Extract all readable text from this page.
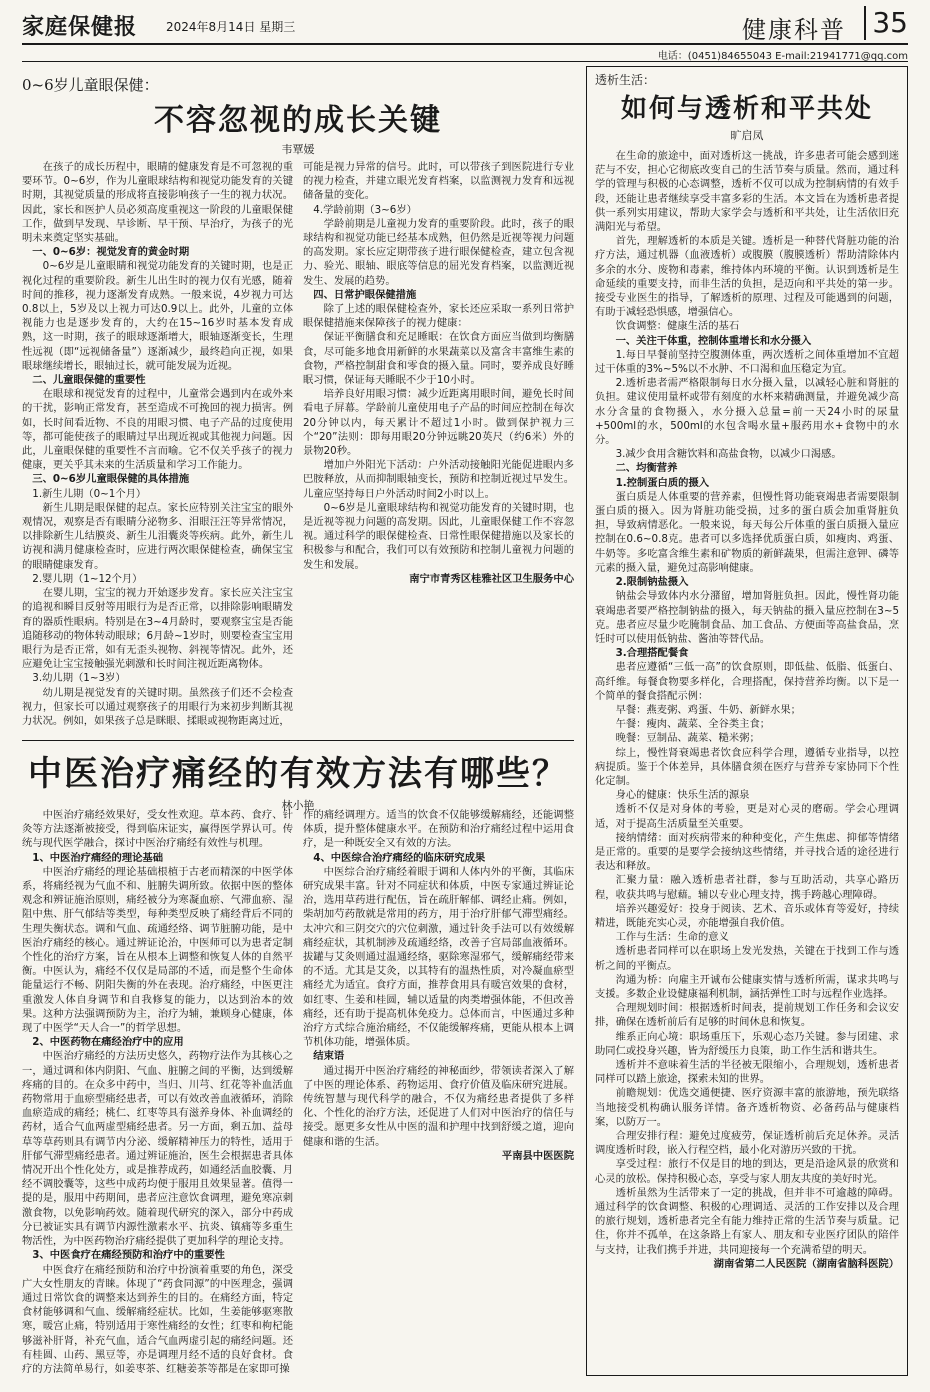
家庭保健报 2024年8月14日 星期三	健康科普 35
电话：(0451)84655043 E-mail:21941771@qq.com

0~6岁儿童眼保健：

不容忽视的成长关键

韦覃媛

在孩子的成长历程中，眼睛的健康发育是不可忽视的重要环节。0~6岁，作为儿童眼球结构和视觉功能发育的关键时期，其视觉质量的形成将直接影响孩子一生的视力状况。因此，家长和医护人员必须高度重视这一阶段的儿童眼保健工作，做到早发现、早诊断、早干预、早治疗，为孩子的光明未来奠定坚实基础。

一、0~6岁：视觉发育的黄金时期

0~6岁是儿童眼睛和视觉功能发育的关键时期，也是正视化过程的重要阶段。新生儿出生时的视力仅有光感，随着时间的推移，视力逐渐发育成熟。一般来说，4岁视力可达0.8以上，5岁及以上视力可达0.9以上。此外，儿童的立体视能力也是逐步发育的，大约在15~16岁时基本发育成熟，这一时期，孩子的眼球逐渐增大，眼轴逐渐变长，生理性远视（即“远视储备量”）逐渐减少，最终趋向正视，如果眼球继续增长，眼轴过长，就可能发展为近视。

二、儿童眼保健的重要性

在眼球和视觉发育的过程中，儿童常会遇到内在或外来的干扰，影响正常发育，甚至造成不可挽回的视力损害。例如，长时间看近物、不良的用眼习惯、电子产品的过度使用等，都可能使孩子的眼睛过早出现近视或其他视力问题。因此，儿童眼保健的重要性不言而喻。它不仅关乎孩子的视力健康，更关乎其未来的生活质量和学习工作能力。

三、0~6岁儿童眼保健的具体措施

1.新生儿期（0~1个月）

新生儿期是眼保健的起点。家长应特别关注宝宝的眼外观情况，观察是否有眼睛分泌物多、泪眼汪汪等异常情况，以排除新生儿结膜炎、新生儿泪囊炎等疾病。此外，新生儿访视和满月健康检查时，应进行两次眼保健检查，确保宝宝的眼睛健康发育。

2.婴儿期（1~12个月）

在婴儿期，宝宝的视力开始逐步发育。家长应关注宝宝的追视和瞬目反射等用眼行为是否正常，以排除影响眼睛发育的器质性眼病。特别是在3~4月龄时，要观察宝宝是否能追随移动的物体转动眼球；6月龄~1岁时，则要检查宝宝用眼行为是否正常，如有无歪头视物、斜视等情况。此外，还应避免让宝宝接触强光刺激和长时间注视近距离物体。

3.幼儿期（1~3岁）

幼儿期是视觉发育的关键时期。虽然孩子们还不会检查视力，但家长可以通过观察孩子的用眼行为来初步判断其视力状况。例如，如果孩子总是眯眼、揉眼或视物距离过近，

可能是视力异常的信号。此时，可以带孩子到医院进行专业的视力检查，并建立眼光发育档案，以监测视力发育和远视储备量的变化。

4.学龄前期（3~6岁）

学龄前期是儿童视力发育的重要阶段。此时，孩子的眼球结构和视觉功能已经基本成熟，但仍然是近视等视力问题的高发期。家长应定期带孩子进行眼保健检查，建立包含视力、验光、眼轴、眼底等信息的屈光发育档案，以监测近视发生、发展的趋势。

四、日常护眼保健措施

除了上述的眼保健检查外，家长还应采取一系列日常护眼保健措施来保障孩子的视力健康：

保证平衡膳食和充足睡眠：在饮食方面应当做到均衡膳食，尽可能多地食用新鲜的水果蔬菜以及富含丰富维生素的食物，严格控制甜食和零食的摄入量。同时，要养成良好睡眠习惯，保证每天睡眠不少于10小时。

培养良好用眼习惯：减少近距离用眼时间，避免长时间看电子屏幕。学龄前儿童使用电子产品的时间应控制在每次20分钟以内，每天累计不超过1小时。做到保护视力三个“20”法则：即每用眼20分钟远眺20英尺（约6米）外的景物20秒。

增加户外阳光下活动：户外活动接触阳光能促进眼内多巴胺释放，从而抑制眼轴变长，预防和控制近视过早发生。儿童应坚持每日户外活动时间2小时以上。

0~6岁是儿童眼球结构和视觉功能发育的关键时期，也是近视等视力问题的高发期。因此，儿童眼保健工作不容忽视。通过科学的眼保健检查、日常性眼保健措施以及家长的积极参与和配合，我们可以有效预防和控制儿童视力问题的发生和发展。

南宁市青秀区桂雅社区卫生服务中心

中医治疗痛经的有效方法有哪些？

林小艳

中医治疗痛经效果好，受女性欢迎。草本药、食疗、针灸等方法逐渐被接受，得到临床证实，赢得医学界认可。传统与现代医学融合，探讨中医治疗痛经有效性与机理。

1、中医治疗痛经的理论基础

中医治疗痛经的理论基础根植于古老而精深的中医学体系，将痛经视为气血不和、脏腑失调所致。依据中医的整体观念和辨证施治原则，痛经被分为寒凝血瘀、气滞血瘀、湿阻中焦、肝气郁结等类型，每种类型反映了痛经背后不同的生理失衡状态。调和气血、疏通经络、调节脏腑功能，是中医治疗痛经的核心。通过辨证论治，中医师可以为患者定制个性化的治疗方案，旨在从根本上调整和恢复人体的自然平衡。中医认为，痛经不仅仅是局部的不适，而是整个生命体能量运行不畅、阴阳失衡的外在表现。治疗痛经，中医更注重激发人体自身调节和自我修复的能力，以达到治本的效果。这种方法强调预防为主，治疗为辅，兼顾身心健康，体现了中医学“天人合一”的哲学思想。

2、中医药物在痛经治疗中的应用

中医治疗痛经的方法历史悠久，药物疗法作为其核心之一，通过调和体内阴阳、气血、脏腑之间的平衡，达到缓解疼痛的目的。在众多中药中，当归、川芎、红花等补血活血药物常用于血瘀型痛经患者，可以有效改善血液循环，消除血瘀造成的痛经；桃仁、红枣等具有滋养身体、补血调经的药材，适合气血两虚型痛经患者。另一方面，剩五加、益母草等草药则具有调节内分泌、缓解精神压力的特性，适用于肝郁气滞型痛经患者。通过辨证施治，医生会根据患者具体情况开出个性化处方，或是推荐成药，如通经活血胶囊、月经不调胶囊等，这些中成药均便于服用且效果显著。值得一提的是，服用中药期间，患者应注意饮食调理，避免寒凉刺激食物，以免影响药效。随着现代研究的深入，部分中药成分已被证实具有调节内源性激素水平、抗炎、镇痛等多重生物活性，为中医药物治疗痛经提供了更加科学的理论支持。

3、中医食疗在痛经预防和治疗中的重要性

中医食疗在痛经预防和治疗中扮演着重要的角色，深受广大女性朋友的青睐。体现了“药食同源”的中医理念，强调通过日常饮食的调整来达到养生的目的。在痛经方面，特定食材能够调和气血、缓解痛经症状。比如，生姜能够驱寒散寒，暖宫止痛，特别适用于寒性痛经的女性；红枣和枸杞能够滋补肝肾，补充气血，适合气血两虚引起的痛经问题。还有桂圆、山药、黑豆等，亦是调理月经不适的良好食材。食疗的方法简单易行，如姜枣茶、红糖姜茶等都是在家即可操

作的痛经调理方。适当的饮食不仅能够缓解痛经，还能调整体质，提升整体健康水平。在预防和治疗痛经过程中运用食疗，是一种既安全又有效的方法。

4、中医综合治疗痛经的临床研究成果

中医综合治疗痛经着眼于调和人体内外的平衡，其临床研究成果丰富。针对不同症状和体质，中医专家通过辨证论治，选用草药进行配伍，旨在疏肝解郁、调经止痛。例如，柴胡加芍药散就是常用的药方，用于治疗肝郁气滞型痛经。太冲穴和三阴交穴的穴位刺激，通过针灸手法可以有效缓解痛经症状，其机制涉及疏通经络，改善子宫局部血液循环。拔罐与艾灸则通过温通经络，驱除寒湿邪气，缓解痛经带来的不适。尤其是艾灸，以其特有的温热性质，对冷凝血瘀型痛经尤为适宜。食疗方面，推荐食用具有暖宫效果的食材，如红枣、生姜和桂圆，辅以适量的肉类增强体能，不但改善痛经，还有助于提高机体免疫力。总体而言，中医通过多种治疗方式综合施治痛经，不仅能缓解疼痛，更能从根本上调节机体功能，增强体质。

结束语

通过揭开中医治疗痛经的神秘面纱，带领读者深入了解了中医的理论体系、药物运用、食疗价值及临床研究进展。传统智慧与现代科学的融合，不仅为痛经患者提供了多样化、个性化的治疗方法，还促进了人们对中医治疗的信任与接受。愿更多女性从中医的温和护理中找到舒缓之道，迎向健康和谐的生活。

平南县中医医院

透析生活：

如何与透析和平共处

旷启凤

在生命的旅途中，面对透析这一挑战，许多患者可能会感到迷茫与不安，担心它彻底改变自己的生活节奏与质量。然而，通过科学的管理与积极的心态调整，透析不仅可以成为控制病情的有效手段，还能让患者继续享受丰富多彩的生活。本文旨在为透析患者提供一系列实用建议，帮助大家学会与透析和平共处，让生活依旧充满阳光与希望。

首先，理解透析的本质是关键。透析是一种替代肾脏功能的治疗方法，通过机器（血液透析）或腹膜（腹膜透析）帮助清除体内多余的水分、废物和毒素，维持体内环境的平衡。认识到透析是生命延续的重要支持，而非生活的负担，是迈向和平共处的第一步。接受专业医生的指导，了解透析的原理、过程及可能遇到的问题，有助于减轻恐惧感，增强信心。

饮食调整：健康生活的基石

一、关注干体重，控制体重增长和水分摄入

1.每日早餐前坚持空腹测体重，两次透析之间体重增加不宜超过干体重的3%~5%以不水肿、不口渴和血压稳定为宜。

2.透析患者需严格限制每日水分摄入量，以减轻心脏和肾脏的负担。建议使用量杯或带有刻度的水杯来精确测量，并避免减少高水分含量的食物摄入，水分摄入总量=前一天24小时的尿量+500ml的水，500ml的水包含喝水量+服药用水+食物中的水分。

3.减少食用含糖饮料和高盐食物，以减少口渴感。

二、均衡营养

1.控制蛋白质的摄入

蛋白质是人体重要的营养素，但慢性肾功能衰竭患者需要限制蛋白质的摄入。因为肾脏功能受损，过多的蛋白质会加重肾脏负担，导致病情恶化。一般来说，每天每公斤体重的蛋白质摄入量应控制在0.6~0.8克。患者可以多选择优质蛋白质，如瘦肉、鸡蛋、牛奶等。多吃富含维生素和矿物质的新鲜蔬果，但需注意钾、磷等元素的摄入量，避免过高影响健康。

2.限制钠盐摄入

钠盐会导致体内水分潴留，增加肾脏负担。因此，慢性肾功能衰竭患者要严格控制钠盐的摄入，每天钠盐的摄入量应控制在3~5克。患者应尽量少吃腌制食品、加工食品、方便面等高盐食品，烹饪时可以使用低钠盐、酱油等替代品。

3.合理搭配餐食

患者应遵循“三低一高”的饮食原则，即低盐、低脂、低蛋白、高纤维。每餐食物要多样化，合理搭配，保持营养均衡。以下是一个简单的餐食搭配示例：

早餐：燕麦粥、鸡蛋、牛奶、新鲜水果；

午餐：瘦肉、蔬菜、全谷类主食；

晚餐：豆制品、蔬菜、糙米粥；

综上，慢性肾衰竭患者饮食应科学合理，遵循专业指导，以控病提质。鉴于个体差异，具体膳食须在医疗与营养专家协同下个性化定制。

身心的健康：快乐生活的源泉

透析不仅是对身体的考验，更是对心灵的磨砺。学会心理调适，对于提高生活质量至关重要。

接纳情绪：面对疾病带来的种种变化，产生焦虑、抑郁等情绪是正常的。重要的是要学会接纳这些情绪，并寻找合适的途径进行表达和释放。

汇聚力量：融入透析患者社群，参与互助活动，共享心路历程，收获共鸣与慰藉。辅以专业心理支持，携手跨越心理障碍。

培养兴趣爱好：投身于阅读、艺术、音乐或体育等爱好，持续精进，既能充实心灵，亦能增强自我价值。

工作与生活：生命的意义

透析患者同样可以在职场上发光发热，关键在于找到工作与透析之间的平衡点。

沟通为桥：向雇主开诚布公健康实情与透析所需，谋求共鸣与支援。多数企业设健康福利机制，涵括弹性工时与远程作业选择。

合理规划时间：根据透析时间表，提前规划工作任务和会议安排，确保在透析前后有足够的时间休息和恢复。

维系正向心境：职场重压下，乐观心态乃关键。参与团建、求助同仁或投身兴趣，皆为舒缓压力良策，助工作生活和谐共生。

透析并不意味着生活的半径被无限缩小，合理规划，透析患者同样可以踏上旅途，探索未知的世界。

前瞻规划：优选交通便捷、医疗资源丰富的旅游地，预先联络当地接受机构确认服务详情。备齐透析物资、必备药品与健康档案，以防万一。

合理安排行程：避免过度疲劳，保证透析前后充足休养。灵活调度透析时段，嵌入行程空档，最小化对游历兴致的干扰。

享受过程：旅行不仅是目的地的到达，更是沿途风景的欣赏和心灵的放松。保持积极心态，享受与家人朋友共度的美好时光。

透析虽然为生活带来了一定的挑战，但并非不可逾越的障碍。通过科学的饮食调整、积极的心理调适、灵活的工作安排以及合理的旅行规划，透析患者完全有能力维持正常的生活节奏与质量。记住，你并不孤单，在这条路上有家人、朋友和专业医疗团队的陪伴与支持，让我们携手并进，共同迎接每一个充满希望的明天。

湖南省第二人民医院（湖南省脑科医院）
